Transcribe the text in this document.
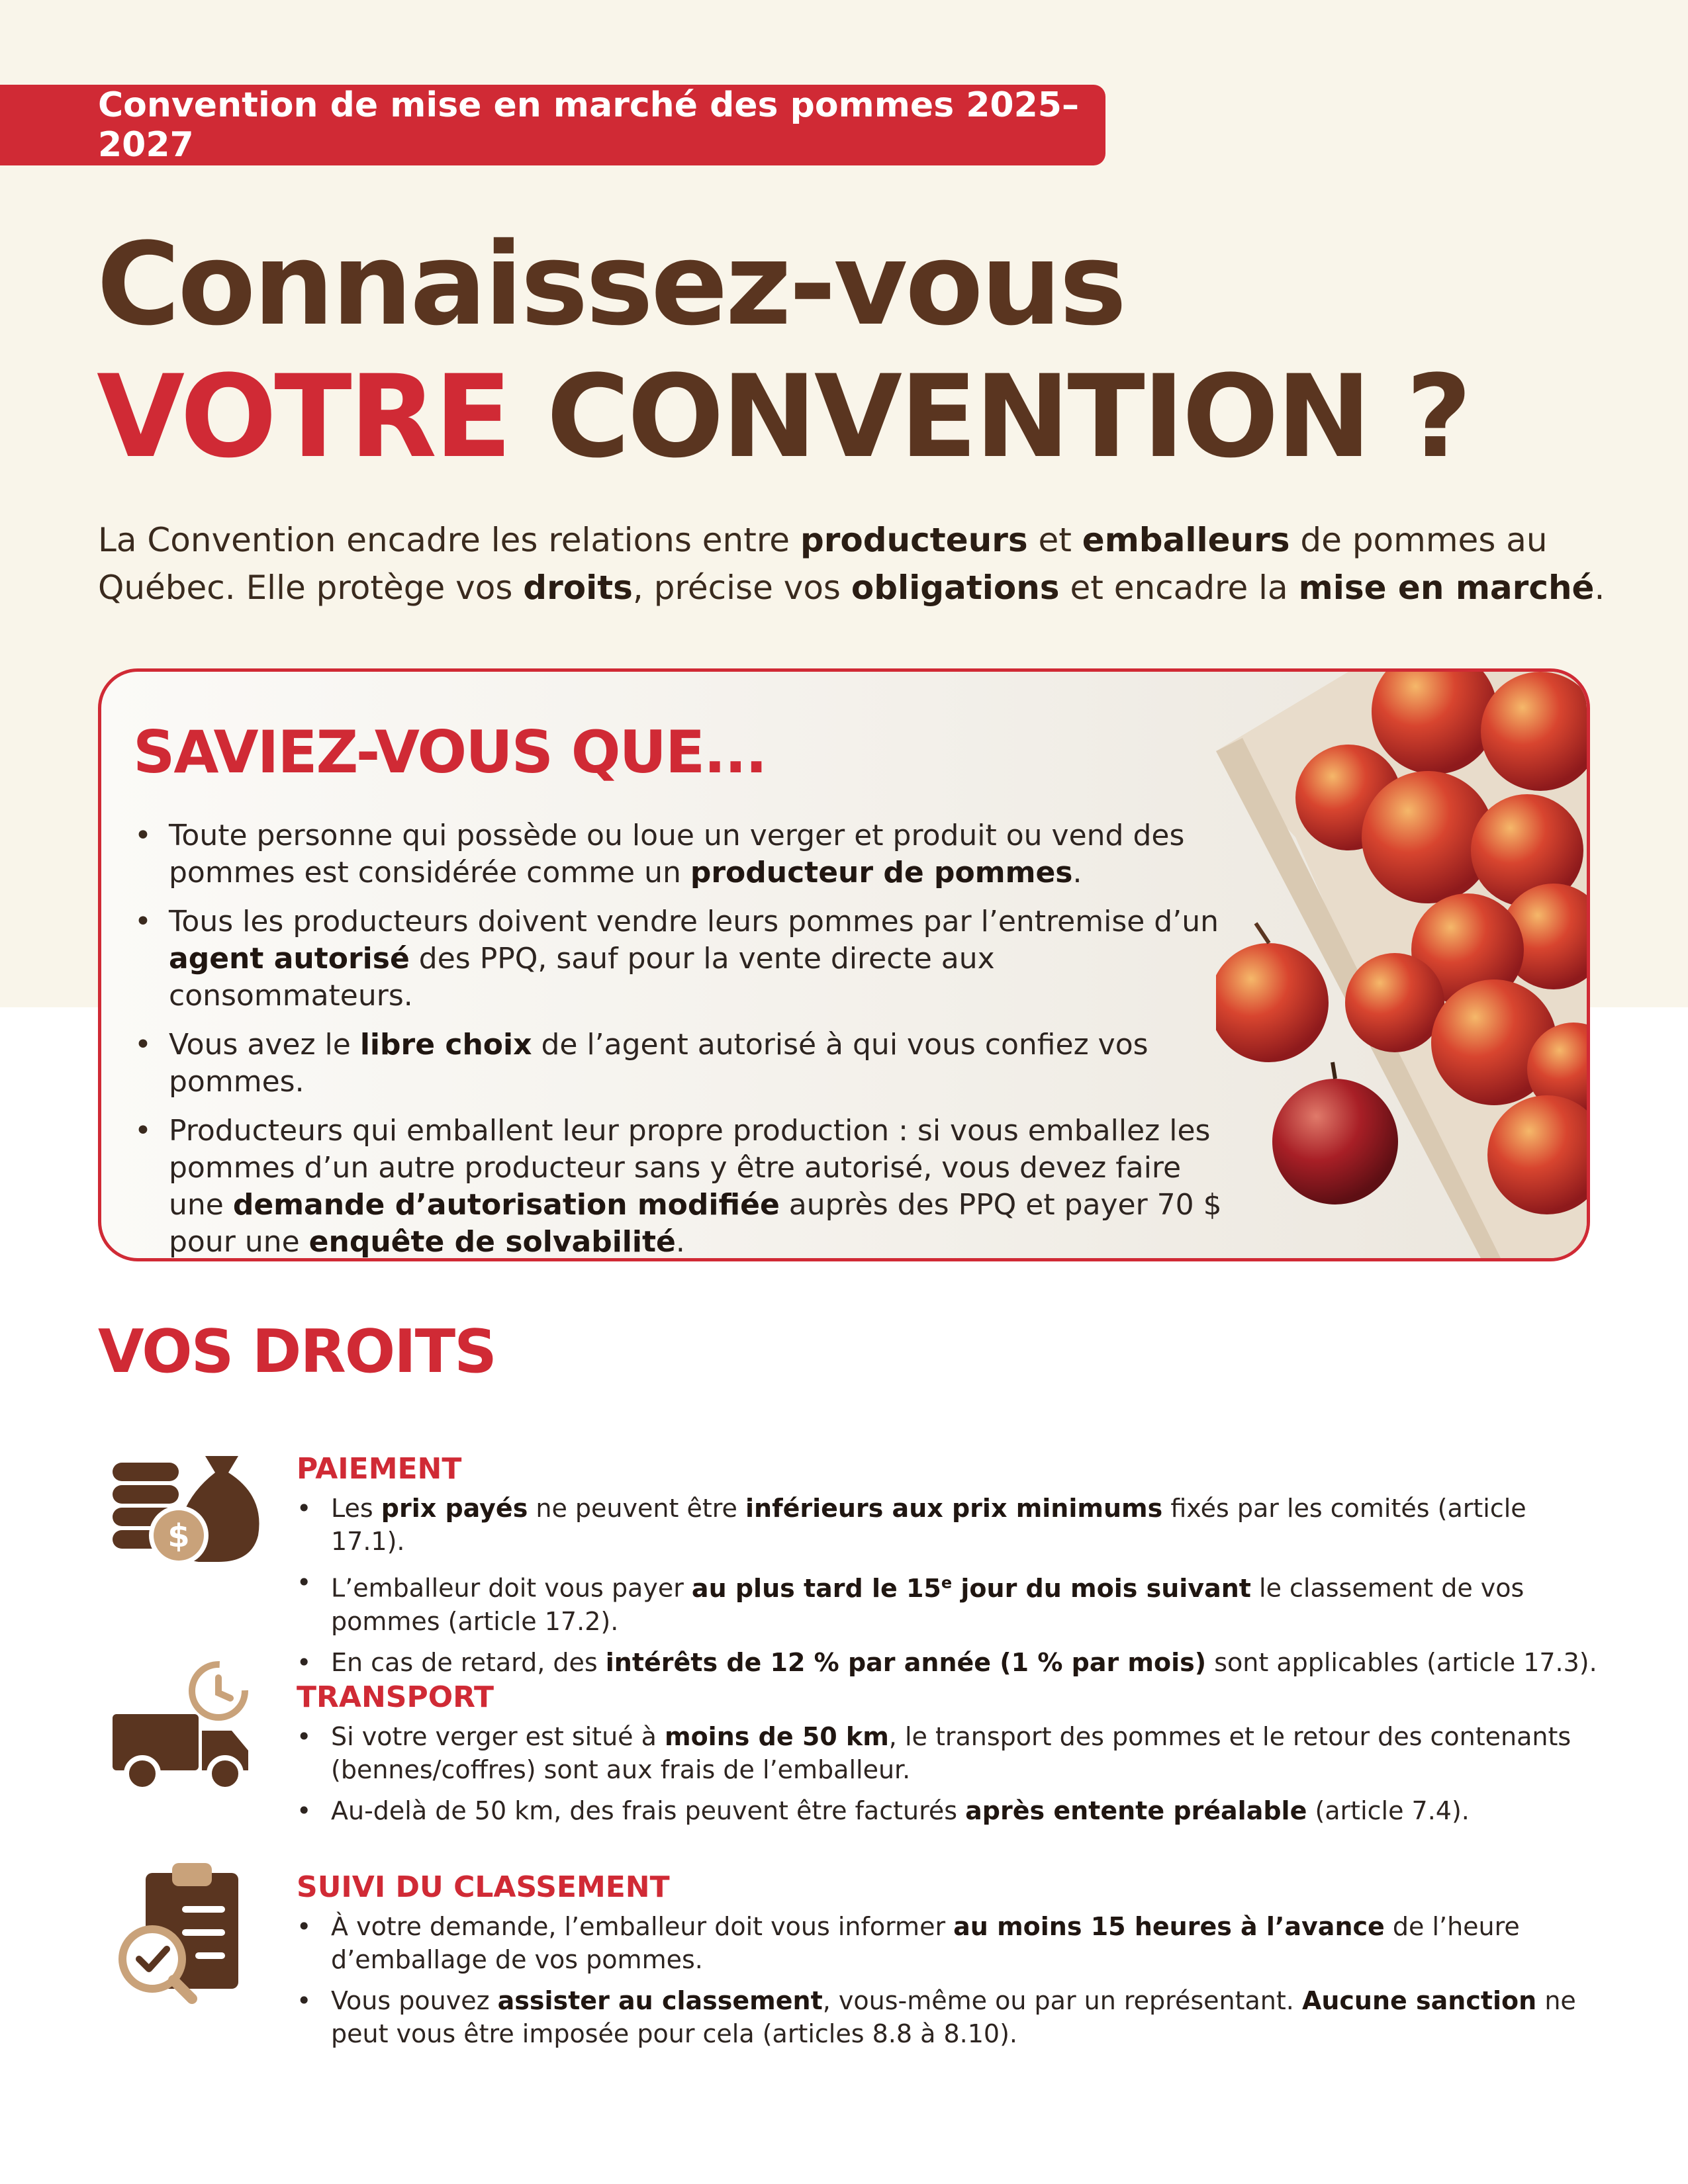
Convention de mise en marché des pommes 2025–2027
Connaissez-vous
VOTRE CONVENTION ?

La Convention encadre les relations entre producteurs et emballeurs de pommes au Québec. Elle protège vos droits, précise vos obligations et encadre la mise en marché.

SAVIEZ-VOUS QUE...
• Toute personne qui possède ou loue un verger et produit ou vend des pommes est considérée comme un producteur de pommes.
• Tous les producteurs doivent vendre leurs pommes par l’entremise d’un agent autorisé des PPQ, sauf pour la vente directe aux consommateurs.
• Vous avez le libre choix de l’agent autorisé à qui vous confiez vos pommes.
• Producteurs qui emballent leur propre production : si vous emballez les pommes d’un autre producteur sans y être autorisé, vous devez faire une demande d’autorisation modifiée auprès des PPQ et payer 70 $ pour une enquête de solvabilité.
VOS DROITS
$
PAIEMENT
• Les prix payés ne peuvent être inférieurs aux prix minimums fixés par les comités (article 17.1).
• L’emballeur doit vous payer au plus tard le 15e jour du mois suivant le classement de vos pommes (article 17.2).
• En cas de retard, des intérêts de 12 % par année (1 % par mois) sont applicables (article 17.3).
TRANSPORT
• Si votre verger est situé à moins de 50 km, le transport des pommes et le retour des contenants (bennes/coffres) sont aux frais de l’emballeur.
• Au-delà de 50 km, des frais peuvent être facturés après entente préalable (article 7.4).
SUIVI DU CLASSEMENT
• À votre demande, l’emballeur doit vous informer au moins 15 heures à l’avance de l’heure d’emballage de vos pommes.
• Vous pouvez assister au classement, vous-même ou par un représentant. Aucune sanction ne peut vous être imposée pour cela (articles 8.8 à 8.10).
